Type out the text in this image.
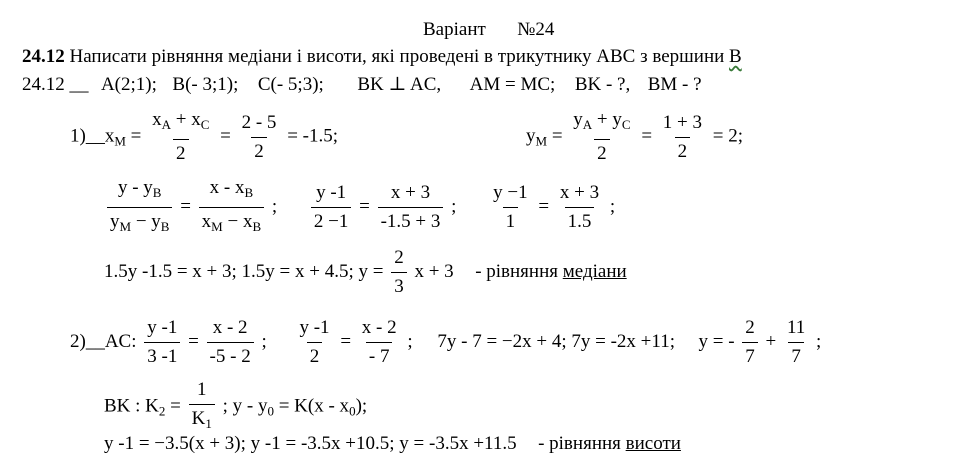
Варіант №24
24.12 Написати рівняння медіани і висоти, які проведені в трикутнику АВС з вершини В
24.12 __ A(2;1); B(- 3;1); C(- 5;3); BK ⊥ AC, AM = MC; BK - ?, BM - ?
$1)\_\_x_M = \frac{x_A + x_C}{2} = \frac{2 - 5}{2} = -1.5$;	$y_M = \frac{y_A + y_C}{2} = \frac{1 + 3}{2} = 2$;
$\frac{y - y_B}{y_M - y_B} = \frac{x - x_B}{x_M - x_B}$ ; $\frac{y -1}{2 -1} = \frac{x + 3}{-1.5 + 3}$ ; $\frac{y -1}{1} = \frac{x + 3}{1.5}$ ;
1.5y -1.5 = x + 3; 1.5y = x + 4.5; $y = \frac{2}{3}$ x + 3 - рівняння медіани
2)__AC: $\frac{y -1}{3 -1} = \frac{x - 2}{-5 - 2}$ ; $\frac{y -1}{2} = \frac{x - 2}{- 7}$ ; 7y - 7 = −2x + 4; 7y = -2x +11; y = - $\frac{2}{7} + \frac{11}{7}$ ;
BK : $K_2 = \frac{1}{K_1}$ ; $y - y_0 = K(x - x_0)$;
y -1 = −3.5(x + 3); y -1 = -3.5x +10.5; y = -3.5x +11.5 - рівняння висоти
